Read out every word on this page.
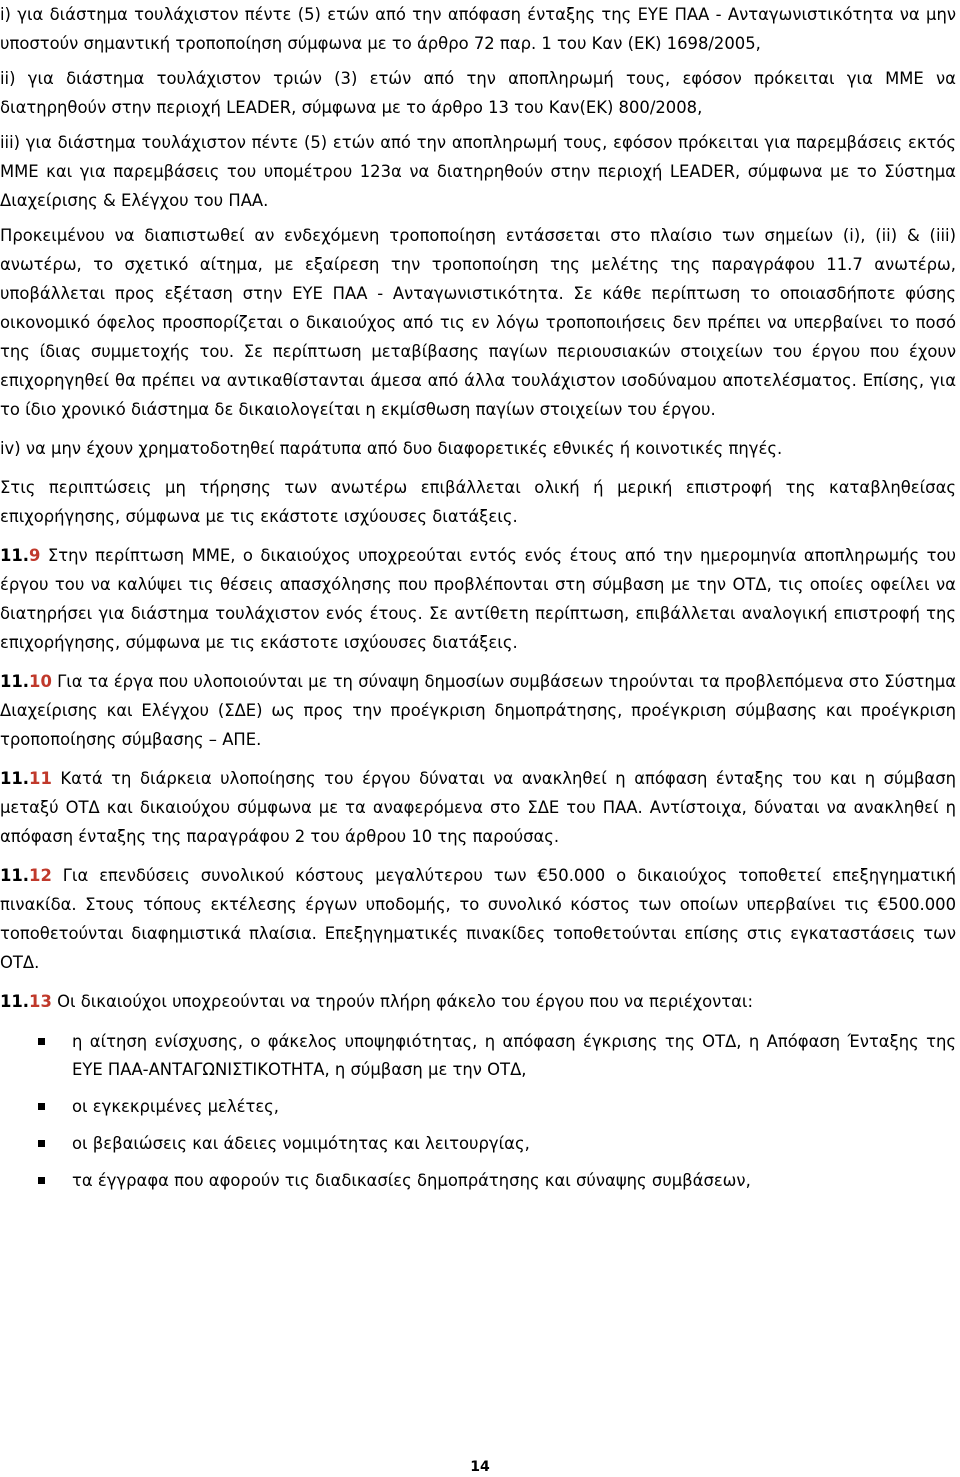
i) για διάστημα τουλάχιστον πέντε (5) ετών από την απόφαση ένταξης της ΕΥΕ ΠΑΑ - Ανταγωνιστικότητα να μην υποστούν σημαντική τροποποίηση σύμφωνα με το άρθρο 72 παρ. 1 του Καν (ΕΚ) 1698/2005,

ii) για διάστημα τουλάχιστον τριών (3) ετών από την αποπληρωμή τους, εφόσον πρόκειται για ΜΜΕ να διατηρηθούν στην περιοχή LEADER, σύμφωνα με το άρθρο 13 του Καν(ΕΚ) 800/2008,

iii) για διάστημα τουλάχιστον πέντε (5) ετών από την αποπληρωμή τους, εφόσον πρόκειται για παρεμβάσεις εκτός ΜΜΕ και για παρεμβάσεις του υπομέτρου 123α να διατηρηθούν στην περιοχή LEADER, σύμφωνα με το Σύστημα Διαχείρισης & Ελέγχου του ΠΑΑ.

Προκειμένου να διαπιστωθεί αν ενδεχόμενη τροποποίηση εντάσσεται στο πλαίσιο των σημείων (i), (ii) & (iii) ανωτέρω, το σχετικό αίτημα, με εξαίρεση την τροποποίηση της μελέτης της παραγράφου 11.7 ανωτέρω, υποβάλλεται προς εξέταση στην ΕΥΕ ΠΑΑ - Ανταγωνιστικότητα. Σε κάθε περίπτωση το οποιασδήποτε φύσης οικονομικό όφελος προσπορίζεται ο δικαιούχος από τις εν λόγω τροποποιήσεις δεν πρέπει να υπερβαίνει το ποσό της ίδιας συμμετοχής του. Σε περίπτωση μεταβίβασης παγίων περιουσιακών στοιχείων του έργου που έχουν επιχορηγηθεί θα πρέπει να αντικαθίστανται άμεσα από άλλα τουλάχιστον ισοδύναμου αποτελέσματος. Επίσης, για το ίδιο χρονικό διάστημα δε δικαιολογείται η εκμίσθωση παγίων στοιχείων του έργου.

iv) να μην έχουν χρηματοδοτηθεί παράτυπα από δυο διαφορετικές εθνικές ή κοινοτικές πηγές.

Στις περιπτώσεις μη τήρησης των ανωτέρω επιβάλλεται ολική ή μερική επιστροφή της καταβληθείσας επιχορήγησης, σύμφωνα με τις εκάστοτε ισχύουσες διατάξεις.

11.9 Στην περίπτωση ΜΜΕ, ο δικαιούχος υποχρεούται εντός ενός έτους από την ημερομηνία αποπληρωμής του έργου του να καλύψει τις θέσεις απασχόλησης που προβλέπονται στη σύμβαση με την ΟΤΔ, τις οποίες οφείλει να διατηρήσει για διάστημα τουλάχιστον ενός έτους. Σε αντίθετη περίπτωση, επιβάλλεται αναλογική επιστροφή της επιχορήγησης, σύμφωνα με τις εκάστοτε ισχύουσες διατάξεις.

11.10 Για τα έργα που υλοποιούνται με τη σύναψη δημοσίων συμβάσεων τηρούνται τα προβλεπόμενα στο Σύστημα Διαχείρισης και Ελέγχου (ΣΔΕ) ως προς την προέγκριση δημοπράτησης, προέγκριση σύμβασης και προέγκριση τροποποίησης σύμβασης – ΑΠΕ.

11.11 Κατά τη διάρκεια υλοποίησης του έργου δύναται να ανακληθεί η απόφαση ένταξης του και η σύμβαση μεταξύ ΟΤΔ και δικαιούχου σύμφωνα με τα αναφερόμενα στο ΣΔΕ του ΠΑΑ. Αντίστοιχα, δύναται να ανακληθεί η απόφαση ένταξης της παραγράφου 2 του άρθρου 10 της παρούσας.

11.12 Για επενδύσεις συνολικού κόστους μεγαλύτερου των €50.000 ο δικαιούχος τοποθετεί επεξηγηματική πινακίδα. Στους τόπους εκτέλεσης έργων υποδομής, το συνολικό κόστος των οποίων υπερβαίνει τις €500.000 τοποθετούνται διαφημιστικά πλαίσια. Επεξηγηματικές πινακίδες τοποθετούνται επίσης στις εγκαταστάσεις των ΟΤΔ.

11.13 Οι δικαιούχοι υποχρεούνται να τηρούν πλήρη φάκελο του έργου που να περιέχονται:

η αίτηση ενίσχυσης, ο φάκελος υποψηφιότητας, η απόφαση έγκρισης της ΟΤΔ, η Απόφαση Ένταξης της ΕΥΕ ΠΑΑ-ΑΝΤΑΓΩΝΙΣΤΙΚΟΤΗΤΑ, η σύμβαση με την ΟΤΔ,
οι εγκεκριμένες μελέτες,
οι βεβαιώσεις και άδειες νομιμότητας και λειτουργίας,
τα έγγραφα που αφορούν τις διαδικασίες δημοπράτησης και σύναψης συμβάσεων,
14
